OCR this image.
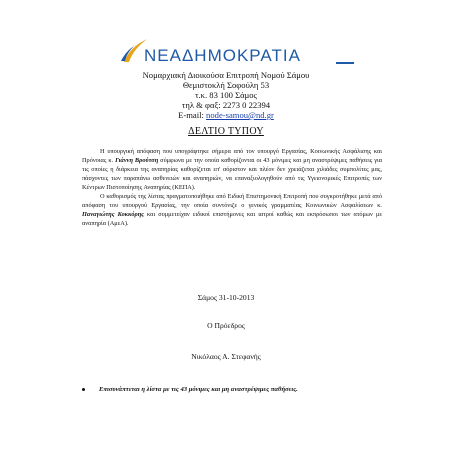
ΝΕΑΔΗΜΟΚΡΑΤΙΑ
Νομαρχιακή Διοικούσα Επιτροπή Νομού Σάμου
Θεμιστοκλή Σοφούλη 53
τ.κ. 83 100 Σάμος
τηλ & φαξ: 2273 0 22394
E-mail: node-samou@nd.gr
ΔΕΛΤΙΟ ΤΥΠΟΥ

Η υπουργική απόφαση που υπογράφτηκε σήμερα από τον υπουργό Εργασίας, Κοινωνικής Ασφάλισης και Πρόνοιας κ. Γιάννη Βρούτση σύμφωνα με την οποία καθορίζονται οι 43 μόνιμες και μη αναστρέψιμες παθήσεις για τις οποίες η διάρκεια της αναπηρίας καθορίζεται επ' αόριστον και πλέον δεν χρειάζεται χιλιάδες συμπολίτες μας, πάσχοντες των παραπάνω ασθενειών και αναπηριών, να επαναξιολογηθούν από τις Υγειονομικές Επιτροπές των Κέντρων Πιστοποίησης Αναπηρίας (ΚΕΠΑ).

Ο καθορισμός της λίστας πραγματοποιήθηκε από Ειδική Επιστημονική Επιτροπή που συγκροτήθηκε μετά από απόφαση του υπουργού Εργασίας, την οποία συντόνιζε ο γενικός γραμματέας Κοινωνικών Ασφαλίσεων κ. Παναγιώτης Κοκκόρης και συμμετείχαν ειδικοί επιστήμονες και ιατροί καθώς και εκπρόσωποι των ατόμων με αναπηρία (ΑμεΑ).

Σάμος 31-10-2013
Ο Πρόεδρος
Νικόλαος Α. Στεφανής
Επισυνάπτεται η λίστα με τις 43 μόνιμες και μη αναστρέψιμες παθήσεις.
